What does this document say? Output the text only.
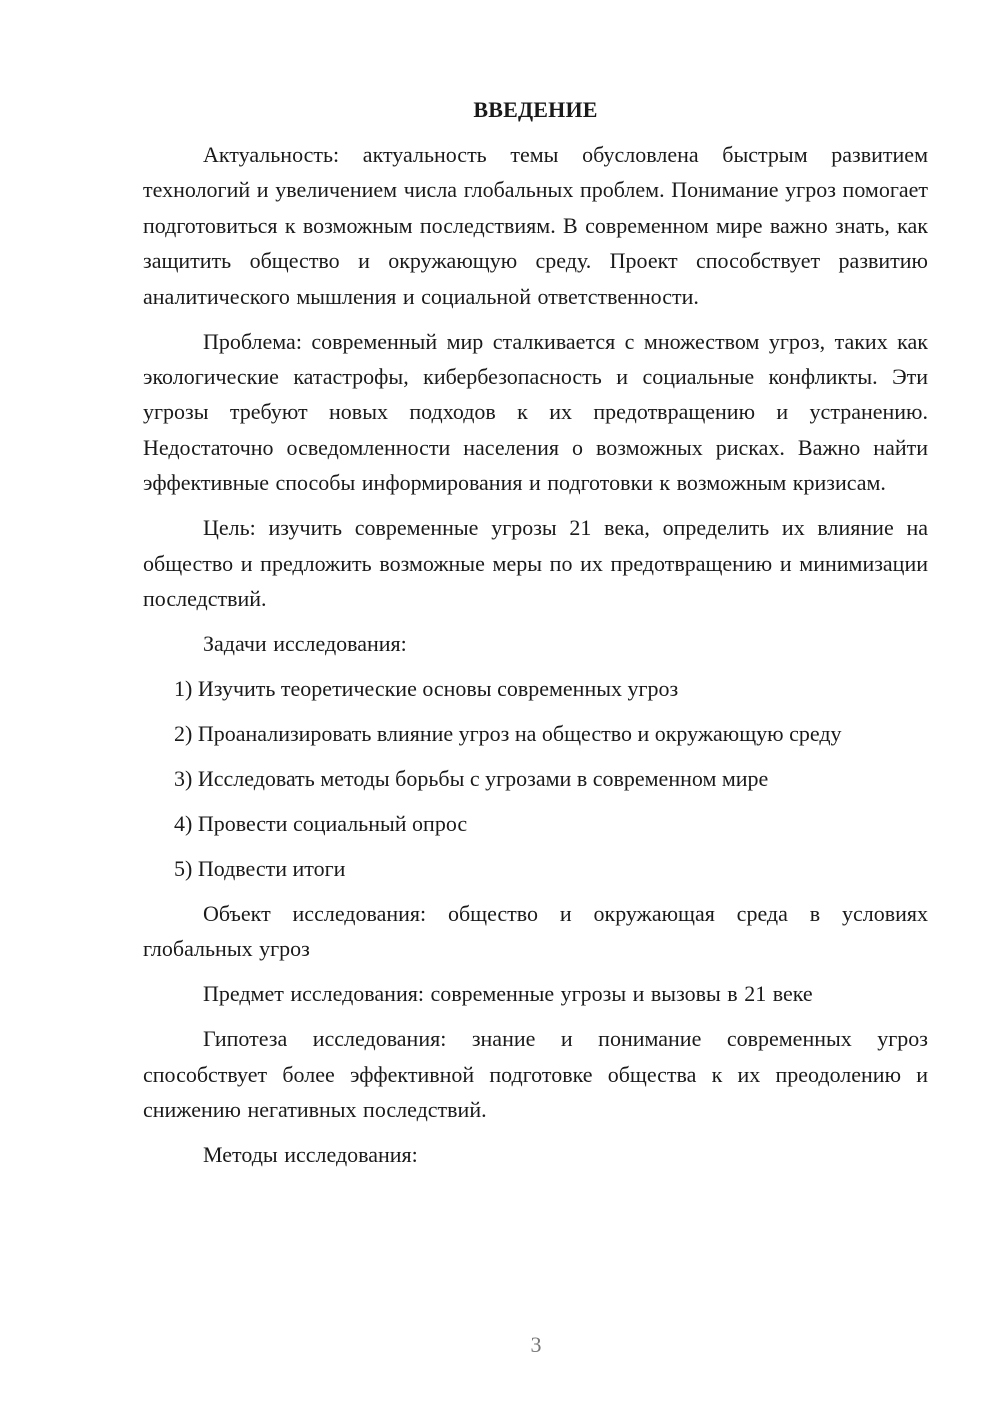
ВВЕДЕНИЕ

Актуальность: актуальность темы обусловлена быстрым развитием технологий и увеличением числа глобальных проблем. Понимание угроз помогает подготовиться к возможным последствиям. В современном мире важно знать, как защитить общество и окружающую среду. Проект способствует развитию аналитического мышления и социальной ответственности.

Проблема: современный мир сталкивается с множеством угроз, таких как экологические катастрофы, кибербезопасность и социальные конфликты. Эти угрозы требуют новых подходов к их предотвращению и устранению. Недостаточно осведомленности населения о возможных рисках. Важно найти эффективные способы информирования и подготовки к возможным кризисам.

Цель: изучить современные угрозы 21 века, определить их влияние на общество и предложить возможные меры по их предотвращению и минимизации последствий.

Задачи исследования:

1) Изучить теоретические основы современных угроз

2) Проанализировать влияние угроз на общество и окружающую среду

3) Исследовать методы борьбы с угрозами в современном мире

4) Провести социальный опрос

5) Подвести итоги

Объект исследования: общество и окружающая среда в условиях глобальных угроз

Предмет исследования: современные угрозы и вызовы в 21 веке

Гипотеза исследования: знание и понимание современных угроз способствует более эффективной подготовке общества к их преодолению и снижению негативных последствий.

Методы исследования:

3
